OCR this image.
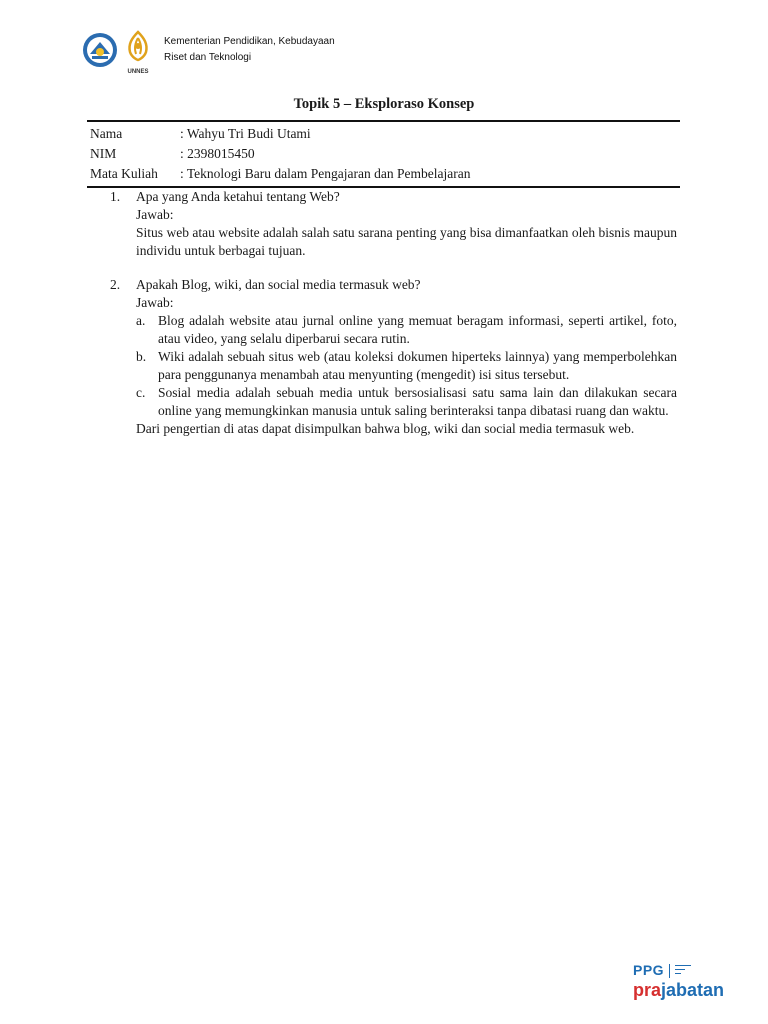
UNNES
Kementerian Pendidikan, Kebudayaan
Riset dan Teknologi
Topik 5 – Eksploraso Konsep
Nama	: Wahyu Tri Budi Utami
NIM	: 2398015450
Mata Kuliah	: Teknologi Baru dalam Pengajaran dan Pembelajaran
1.	Apa yang Anda ketahui tentang Web?
Jawab:
Situs web atau website adalah salah satu sarana penting yang bisa dimanfaatkan oleh bisnis maupun individu untuk berbagai tujuan.
2.	Apakah Blog, wiki, dan social media termasuk web?
Jawab:
a. Blog adalah website atau jurnal online yang memuat beragam informasi, seperti artikel, foto, atau video, yang selalu diperbarui secara rutin.
b. Wiki adalah sebuah situs web (atau koleksi dokumen hiperteks lainnya) yang memperbolehkan para penggunanya menambah atau menyunting (mengedit) isi situs tersebut.
c. Sosial media adalah sebuah media untuk bersosialisasi satu sama lain dan dilakukan secara online yang memungkinkan manusia untuk saling berinteraksi tanpa dibatasi ruang dan waktu.
Dari pengertian di atas dapat disimpulkan bahwa blog, wiki dan social media termasuk web.
PPG
prajabatan
